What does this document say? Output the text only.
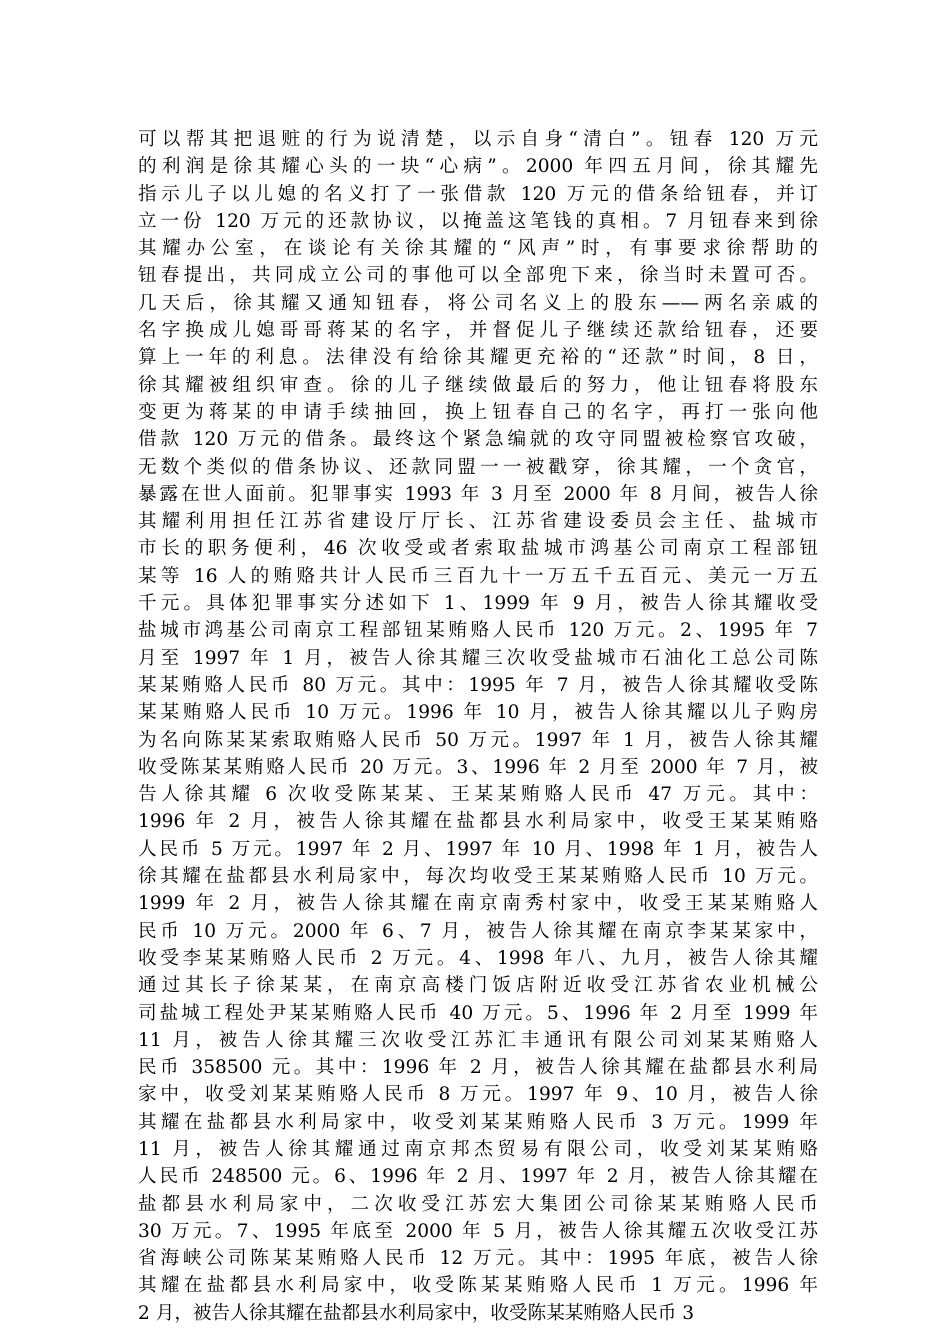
可以帮其把退赃的行为说清楚，以示自身“清白”。钮春 120 万元
的利润是徐其耀心头的一块“心病”。2000 年四五月间，徐其耀先
指示儿子以儿媳的名义打了一张借款 120 万元的借条给钮春，并订
立一份 120 万元的还款协议，以掩盖这笔钱的真相。7 月钮春来到徐
其耀办公室，在谈论有关徐其耀的“风声”时，有事要求徐帮助的
钮春提出，共同成立公司的事他可以全部兜下来，徐当时未置可否。
几天后，徐其耀又通知钮春，将公司名义上的股东——两名亲戚的
名字换成儿媳哥哥蒋某的名字，并督促儿子继续还款给钮春，还要
算上一年的利息。法律没有给徐其耀更充裕的“还款”时间，8 日，
徐其耀被组织审查。徐的儿子继续做最后的努力，他让钮春将股东
变更为蒋某的申请手续抽回，换上钮春自己的名字，再打一张向他
借款 120 万元的借条。最终这个紧急编就的攻守同盟被检察官攻破，
无数个类似的借条协议、还款同盟一一被戳穿，徐其耀，一个贪官，
暴露在世人面前。犯罪事实 1993 年 3 月至 2000 年 8 月间，被告人徐
其耀利用担任江苏省建设厅厅长、江苏省建设委员会主任、盐城市
市长的职务便利，46 次收受或者索取盐城市鸿基公司南京工程部钮
某等 16 人的贿赂共计人民币三百九十一万五千五百元、美元一万五
千元。具体犯罪事实分述如下 1、1999 年 9 月，被告人徐其耀收受
盐城市鸿基公司南京工程部钮某贿赂人民币 120 万元。2、1995 年 7
月至 1997 年 1 月，被告人徐其耀三次收受盐城市石油化工总公司陈
某某贿赂人民币 80 万元。其中：1995 年 7 月，被告人徐其耀收受陈
某某贿赂人民币 10 万元。1996 年 10 月，被告人徐其耀以儿子购房
为名向陈某某索取贿赂人民币 50 万元。1997 年 1 月，被告人徐其耀
收受陈某某贿赂人民币 20 万元。3、1996 年 2 月至 2000 年 7 月，被
告人徐其耀 6 次收受陈某某、王某某贿赂人民币 47 万元。其中：
1996 年 2 月，被告人徐其耀在盐都县水利局家中，收受王某某贿赂
人民币 5 万元。1997 年 2 月、1997 年 10 月、1998 年 1 月，被告人
徐其耀在盐都县水利局家中，每次均收受王某某贿赂人民币 10 万元。
1999 年 2 月，被告人徐其耀在南京南秀村家中，收受王某某贿赂人
民币 10 万元。2000 年 6、7 月，被告人徐其耀在南京李某某家中，
收受李某某贿赂人民币 2 万元。4、1998 年八、九月，被告人徐其耀
通过其长子徐某某，在南京高楼门饭店附近收受江苏省农业机械公
司盐城工程处尹某某贿赂人民币 40 万元。5、1996 年 2 月至 1999 年
11 月，被告人徐其耀三次收受江苏汇丰通讯有限公司刘某某贿赂人
民币 358500 元。其中：1996 年 2 月，被告人徐其耀在盐都县水利局
家中，收受刘某某贿赂人民币 8 万元。1997 年 9、10 月，被告人徐
其耀在盐都县水利局家中，收受刘某某贿赂人民币 3 万元。1999 年
11 月，被告人徐其耀通过南京邦杰贸易有限公司，收受刘某某贿赂
人民币 248500 元。6、1996 年 2 月、1997 年 2 月，被告人徐其耀在
盐都县水利局家中，二次收受江苏宏大集团公司徐某某贿赂人民币
30 万元。7、1995 年底至 2000 年 5 月，被告人徐其耀五次收受江苏
省海峡公司陈某某贿赂人民币 12 万元。其中：1995 年底，被告人徐
其耀在盐都县水利局家中，收受陈某某贿赂人民币 1 万元。1996 年
2 月，被告人徐其耀在盐都县水利局家中，收受陈某某贿赂人民币 3
